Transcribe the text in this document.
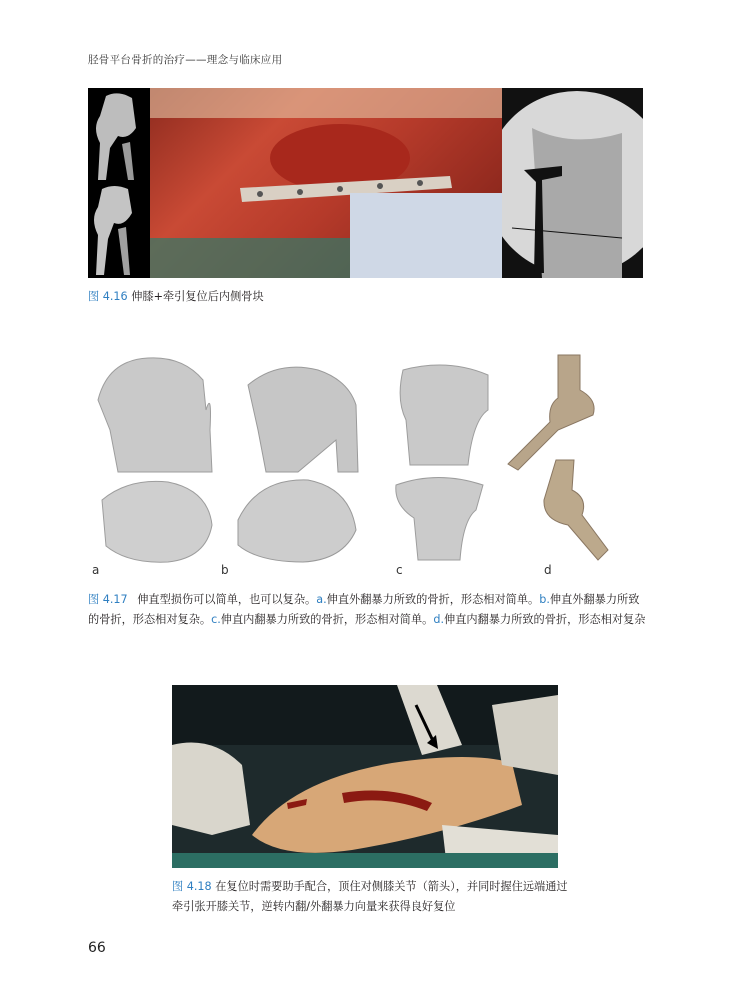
胫骨平台骨折的治疗——理念与临床应用
图 4.16 伸膝+牵引复位后内侧骨块
a	b	c	d
图 4.17 伸直型损伤可以简单，也可以复杂。a.伸直外翻暴力所致的骨折，形态相对简单。b.伸直外翻暴力所致的骨折，形态相对复杂。c.伸直内翻暴力所致的骨折，形态相对简单。d.伸直内翻暴力所致的骨折，形态相对复杂
图 4.18 在复位时需要助手配合，顶住对侧膝关节（箭头），并同时握住远端通过
牵引张开膝关节，逆转内翻/外翻暴力向量来获得良好复位
66
